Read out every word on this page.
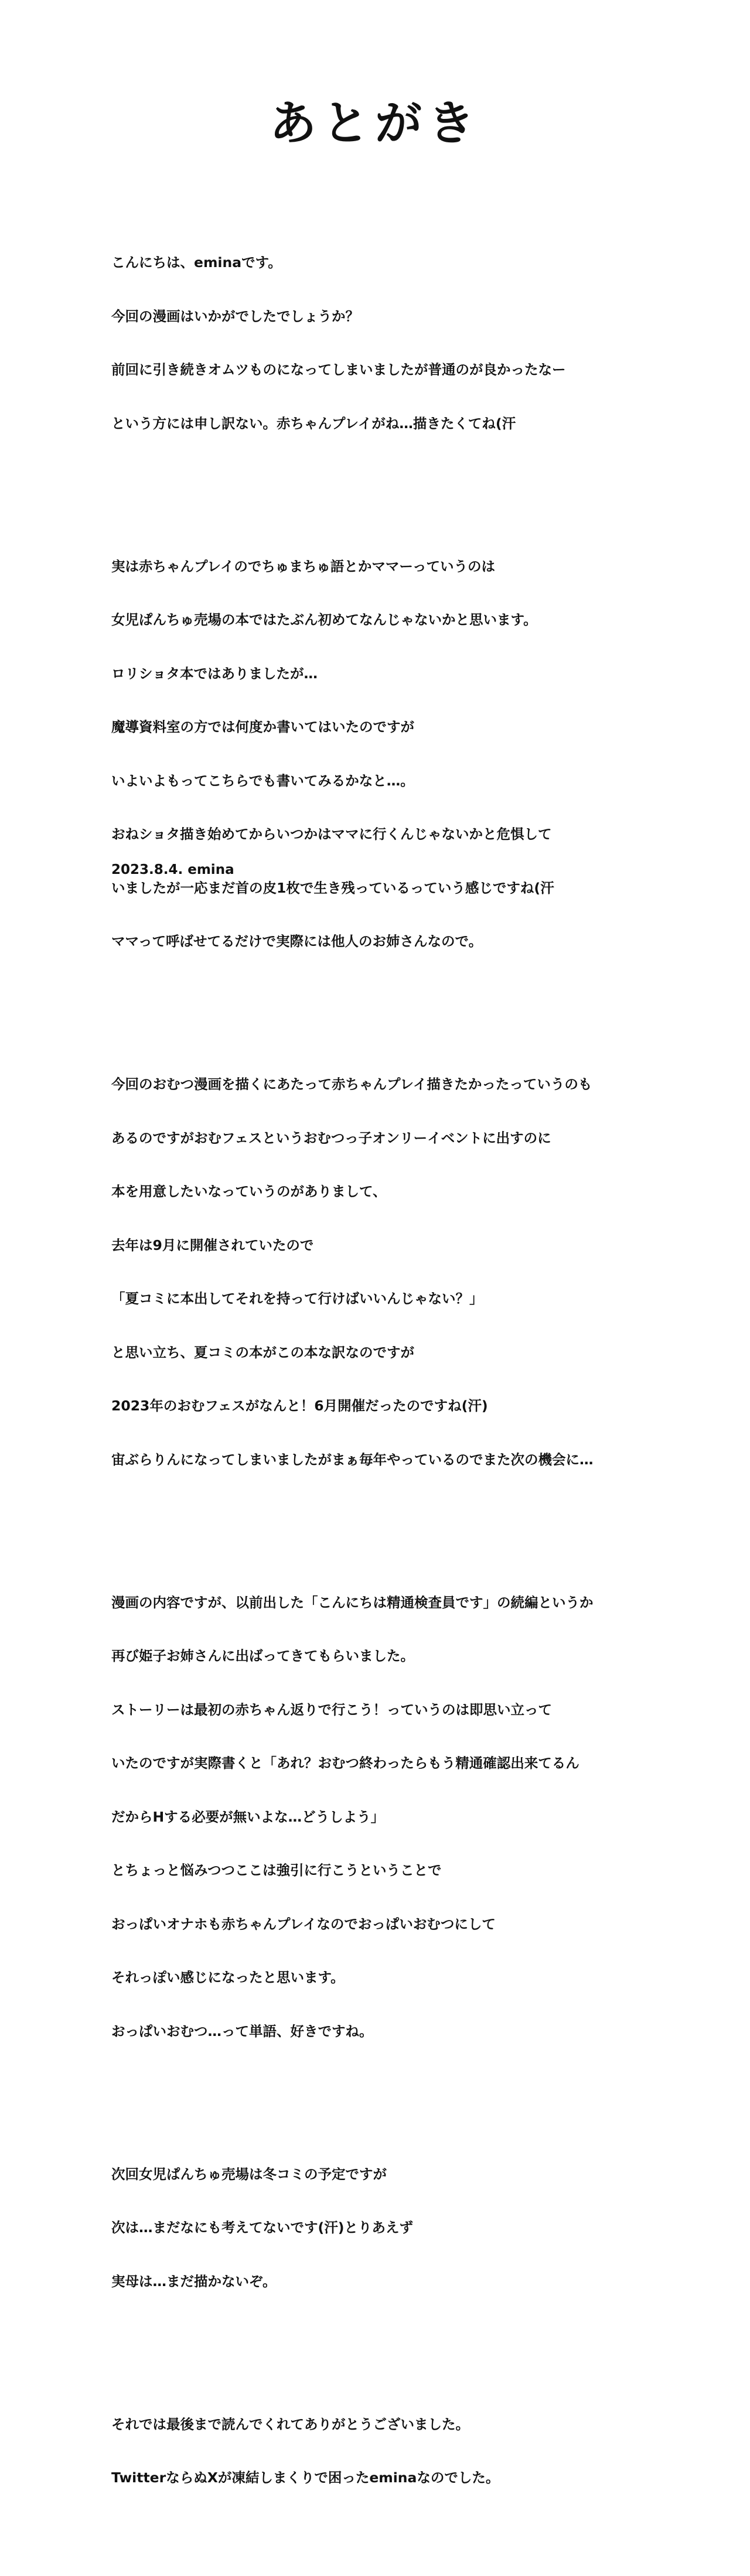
あとがき

こんにちは、eminaです。

今回の漫画はいかがでしたでしょうか？

前回に引き続きオムツものになってしまいましたが普通のが良かったなー

という方には申し訳ない。赤ちゃんプレイがね…描きたくてね(汗

実は赤ちゃんプレイのでちゅまちゅ語とかママーっていうのは

女児ぱんちゅ売場の本ではたぶん初めてなんじゃないかと思います。

ロリショタ本ではありましたが…

魔導資料室の方では何度か書いてはいたのですが

いよいよもってこちらでも書いてみるかなと…。

おねショタ描き始めてからいつかはママに行くんじゃないかと危惧して

いましたが一応まだ首の皮1枚で生き残っているっていう感じですね(汗

ママって呼ばせてるだけで実際には他人のお姉さんなので。

今回のおむつ漫画を描くにあたって赤ちゃんプレイ描きたかったっていうのも

あるのですがおむフェスというおむつっ子オンリーイベントに出すのに

本を用意したいなっていうのがありまして、

去年は9月に開催されていたので

「夏コミに本出してそれを持って行けばいいんじゃない？」

と思い立ち、夏コミの本がこの本な訳なのですが

2023年のおむフェスがなんと！6月開催だったのですね(汗)

宙ぶらりんになってしまいましたがまぁ毎年やっているのでまた次の機会に…

漫画の内容ですが、以前出した「こんにちは精通検査員です」の続編というか

再び姫子お姉さんに出ばってきてもらいました。

ストーリーは最初の赤ちゃん返りで行こう！っていうのは即思い立って

いたのですが実際書くと「あれ？おむつ終わったらもう精通確認出来てるん

だからHする必要が無いよな…どうしよう」

とちょっと悩みつつここは強引に行こうということで

おっぱいオナホも赤ちゃんプレイなのでおっぱいおむつにして

それっぽい感じになったと思います。

おっぱいおむつ…って単語、好きですね。

次回女児ぱんちゅ売場は冬コミの予定ですが

次は…まだなにも考えてないです(汗)とりあえず

実母は…まだ描かないぞ。

それでは最後まで読んでくれてありがとうございました。

TwitterならぬXが凍結しまくりで困ったeminaなのでした。

2023.8.4. emina
